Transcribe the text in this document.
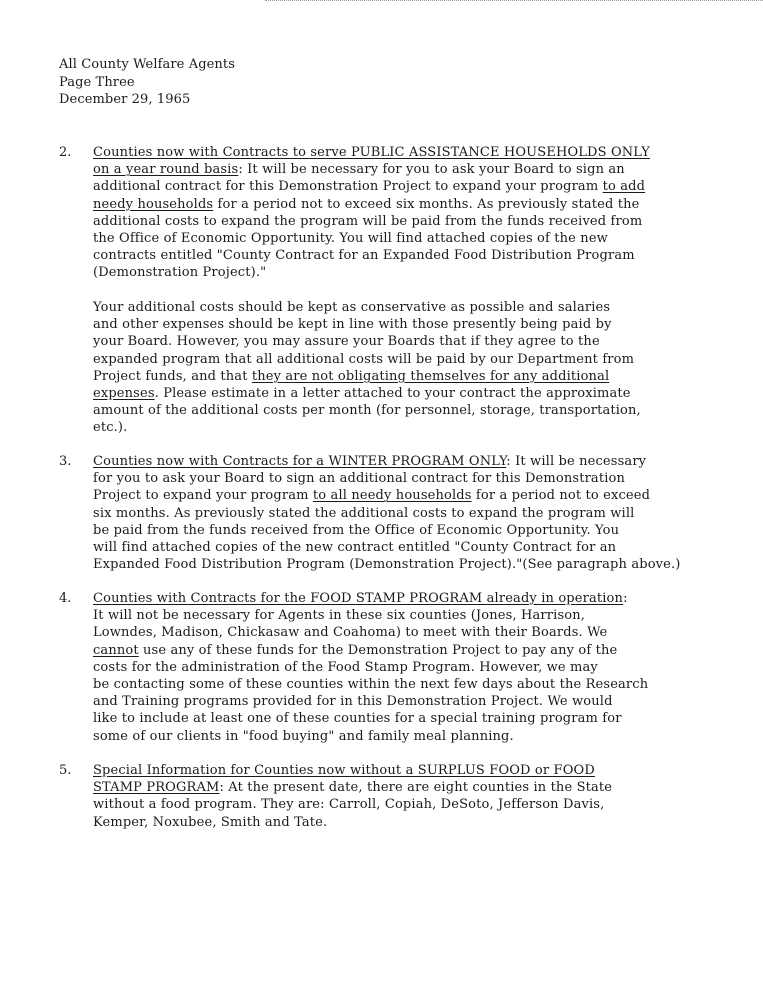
All County Welfare Agents
Page Three
December 29, 1965
2. Counties now with Contracts to serve PUBLIC ASSISTANCE HOUSEHOLDS ONLY
on a year round basis: It will be necessary for you to ask your Board to sign an
additional contract for this Demonstration Project to expand your program to add
needy households for a period not to exceed six months. As previously stated the
additional costs to expand the program will be paid from the funds received from
the Office of Economic Opportunity. You will find attached copies of the new
contracts entitled "County Contract for an Expanded Food Distribution Program
(Demonstration Project)."
Your additional costs should be kept as conservative as possible and salaries
and other expenses should be kept in line with those presently being paid by
your Board. However, you may assure your Boards that if they agree to the
expanded program that all additional costs will be paid by our Department from
Project funds, and that they are not obligating themselves for any additional
expenses. Please estimate in a letter attached to your contract the approximate
amount of the additional costs per month (for personnel, storage, transportation,
etc.).
3. Counties now with Contracts for a WINTER PROGRAM ONLY: It will be necessary
for you to ask your Board to sign an additional contract for this Demonstration
Project to expand your program to all needy households for a period not to exceed
six months. As previously stated the additional costs to expand the program will
be paid from the funds received from the Office of Economic Opportunity. You
will find attached copies of the new contract entitled "County Contract for an
Expanded Food Distribution Program (Demonstration Project)."(See paragraph above.)
4. Counties with Contracts for the FOOD STAMP PROGRAM already in operation:
It will not be necessary for Agents in these six counties (Jones, Harrison,
Lowndes, Madison, Chickasaw and Coahoma) to meet with their Boards. We
cannot use any of these funds for the Demonstration Project to pay any of the
costs for the administration of the Food Stamp Program. However, we may
be contacting some of these counties within the next few days about the Research
and Training programs provided for in this Demonstration Project. We would
like to include at least one of these counties for a special training program for
some of our clients in "food buying" and family meal planning.
5. Special Information for Counties now without a SURPLUS FOOD or FOOD
STAMP PROGRAM: At the present date, there are eight counties in the State
without a food program. They are: Carroll, Copiah, DeSoto, Jefferson Davis,
Kemper, Noxubee, Smith and Tate.
